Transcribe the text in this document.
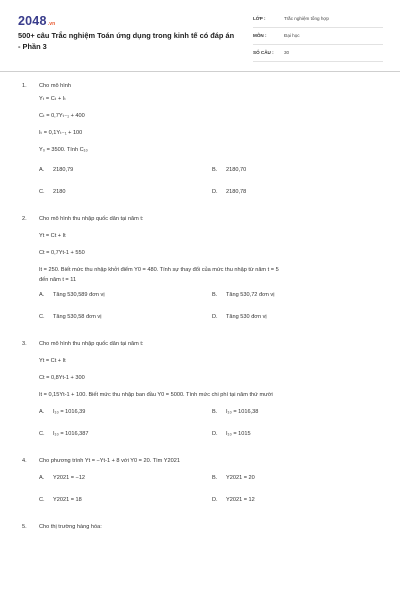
2048.vn
500+ câu Trắc nghiệm Toán ứng dụng trong kinh tế có đáp án - Phần 3
LỚP :	Trắc nghiệm tổng hợp
MÔN :	Đại học
SỐ CÂU : 30
1. Cho mô hình
Yₜ = Cₜ + Iₜ
Cₜ = 0,7Yₜ₋₁ + 400
Iₜ = 0,1Yₜ₋₁ + 100
Y₀ = 3500. Tính C₁₀
A. 2180,79	B. 2180,70
C. 2180	D. 2180,78
2. Cho mô hình thu nhập quốc dân tại năm t:
Yt = Ct + It
Ct = 0,7Yt-1 + 550
It = 250. Biết mức thu nhập khởi điểm Y0 = 480. Tính sự thay đổi của mức thu nhập từ năm t = 5
đến năm t = 11
A. Tăng 530,589 đơn vị	B. Tăng 530,72 đơn vị
C. Tăng 530,58 đơn vị	D. Tăng 530 đơn vị
3. Cho mô hình thu nhập quốc dân tại năm t:
Yt = Ct + It
Ct = 0,8Yt-1 + 300
It = 0,15Yt-1 + 100. Biết mức thu nhập ban đầu Y0 = 5000. Tính mức chi phí tại năm thứ mười
A. I₁₀ = 1016,39	B. I₁₀ = 1016,38
C. I₁₀ = 1016,387	D. I₁₀ = 1015
4. Cho phương trình Yt = −Yt-1 + 8 với Y0 = 20. Tìm Y2021
A. Y2021 = −12	B. Y2021 = 20
C. Y2021 = 18	D. Y2021 = 12
5. Cho thị trường hàng hóa:
